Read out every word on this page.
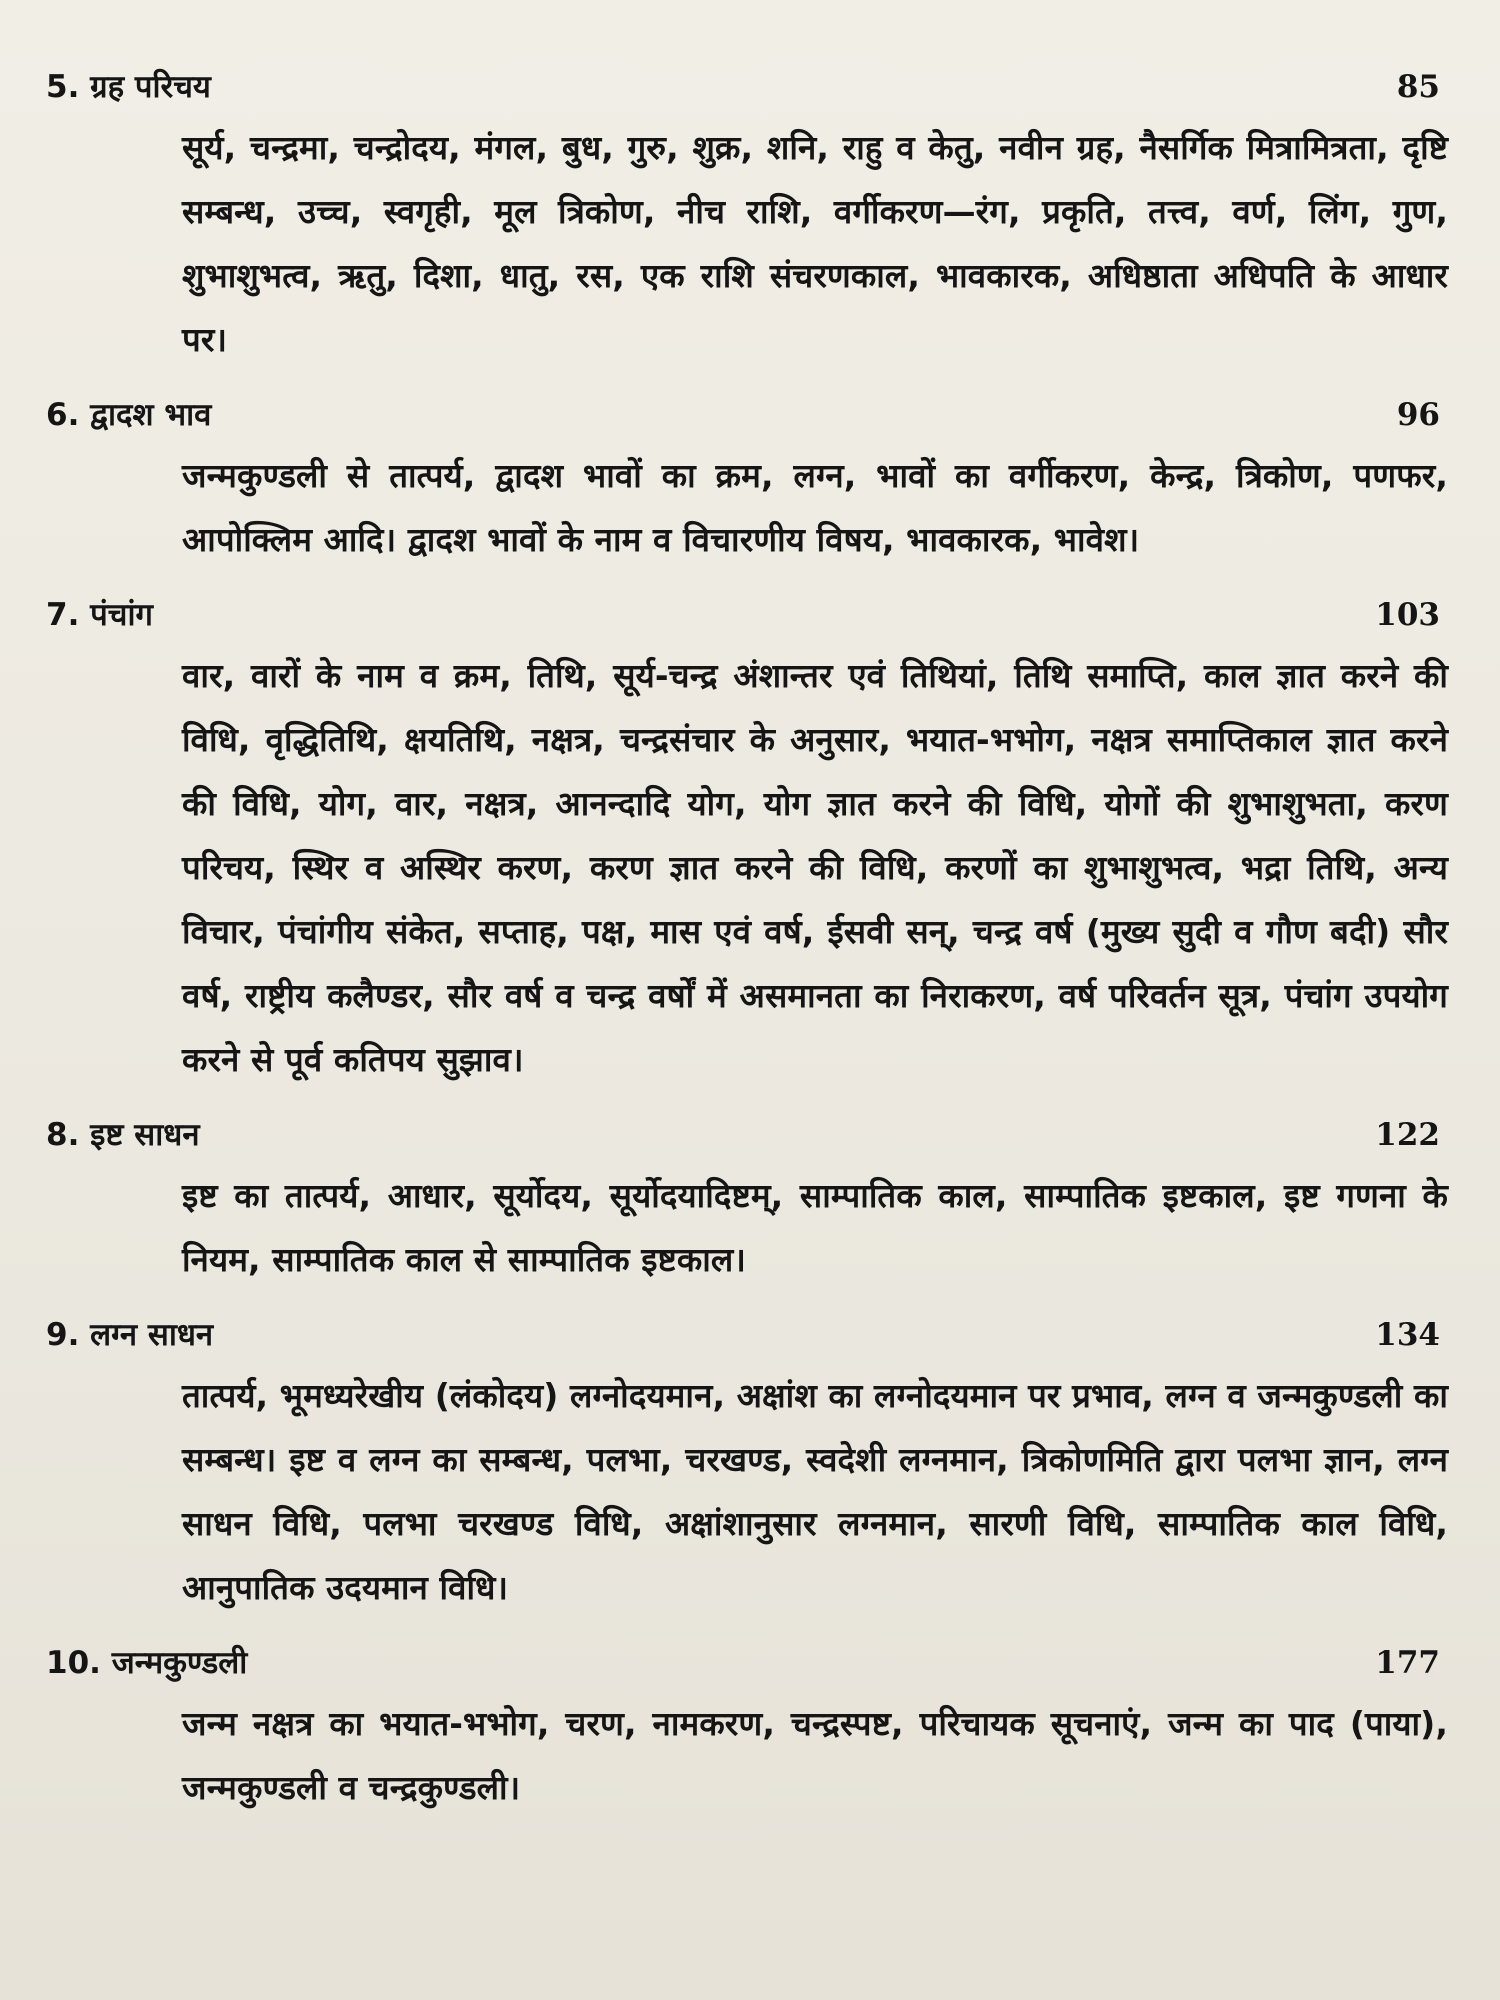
5. ग्रह परिचय	85
सूर्य, चन्द्रमा, चन्द्रोदय, मंगल, बुध, गुरु, शुक्र, शनि, राहु व केतु, नवीन ग्रह, नैसर्गिक मित्रामित्रता, दृष्टि सम्बन्ध, उच्च, स्वगृही, मूल त्रिकोण, नीच राशि, वर्गीकरण—रंग, प्रकृति, तत्त्व, वर्ण, लिंग, गुण, शुभाशुभत्व, ऋतु, दिशा, धातु, रस, एक राशि संचरणकाल, भावकारक, अधिष्ठाता अधिपति के आधार पर।
6. द्वादश भाव	96
जन्मकुण्डली से तात्पर्य, द्वादश भावों का क्रम, लग्न, भावों का वर्गीकरण, केन्द्र, त्रिकोण, पणफर, आपोक्लिम आदि। द्वादश भावों के नाम व विचारणीय विषय, भावकारक, भावेश।
7. पंचांग	103
वार, वारों के नाम व क्रम, तिथि, सूर्य-चन्द्र अंशान्तर एवं तिथियां, तिथि समाप्ति, काल ज्ञात करने की विधि, वृद्धितिथि, क्षयतिथि, नक्षत्र, चन्द्रसंचार के अनुसार, भयात-भभोग, नक्षत्र समाप्तिकाल ज्ञात करने की विधि, योग, वार, नक्षत्र, आनन्दादि योग, योग ज्ञात करने की विधि, योगों की शुभाशुभता, करण परिचय, स्थिर व अस्थिर करण, करण ज्ञात करने की विधि, करणों का शुभाशुभत्व, भद्रा तिथि, अन्य विचार, पंचांगीय संकेत, सप्ताह, पक्ष, मास एवं वर्ष, ईसवी सन्, चन्द्र वर्ष (मुख्य सुदी व गौण बदी) सौर वर्ष, राष्ट्रीय कलैण्डर, सौर वर्ष व चन्द्र वर्षों में असमानता का निराकरण, वर्ष परिवर्तन सूत्र, पंचांग उपयोग करने से पूर्व कतिपय सुझाव।
8. इष्ट साधन	122
इष्ट का तात्पर्य, आधार, सूर्योदय, सूर्योदयादिष्टम्, साम्पातिक काल, साम्पातिक इष्टकाल, इष्ट गणना के नियम, साम्पातिक काल से साम्पातिक इष्टकाल।
9. लग्न साधन	134
तात्पर्य, भूमध्यरेखीय (लंकोदय) लग्नोदयमान, अक्षांश का लग्नोदयमान पर प्रभाव, लग्न व जन्मकुण्डली का सम्बन्ध। इष्ट व लग्न का सम्बन्ध, पलभा, चरखण्ड, स्वदेशी लग्नमान, त्रिकोणमिति द्वारा पलभा ज्ञान, लग्न साधन विधि, पलभा चरखण्ड विधि, अक्षांशानुसार लग्नमान, सारणी विधि, साम्पातिक काल विधि, आनुपातिक उदयमान विधि।
10. जन्मकुण्डली	177
जन्म नक्षत्र का भयात-भभोग, चरण, नामकरण, चन्द्रस्पष्ट, परिचायक सूचनाएं, जन्म का पाद (पाया), जन्मकुण्डली व चन्द्रकुण्डली।
